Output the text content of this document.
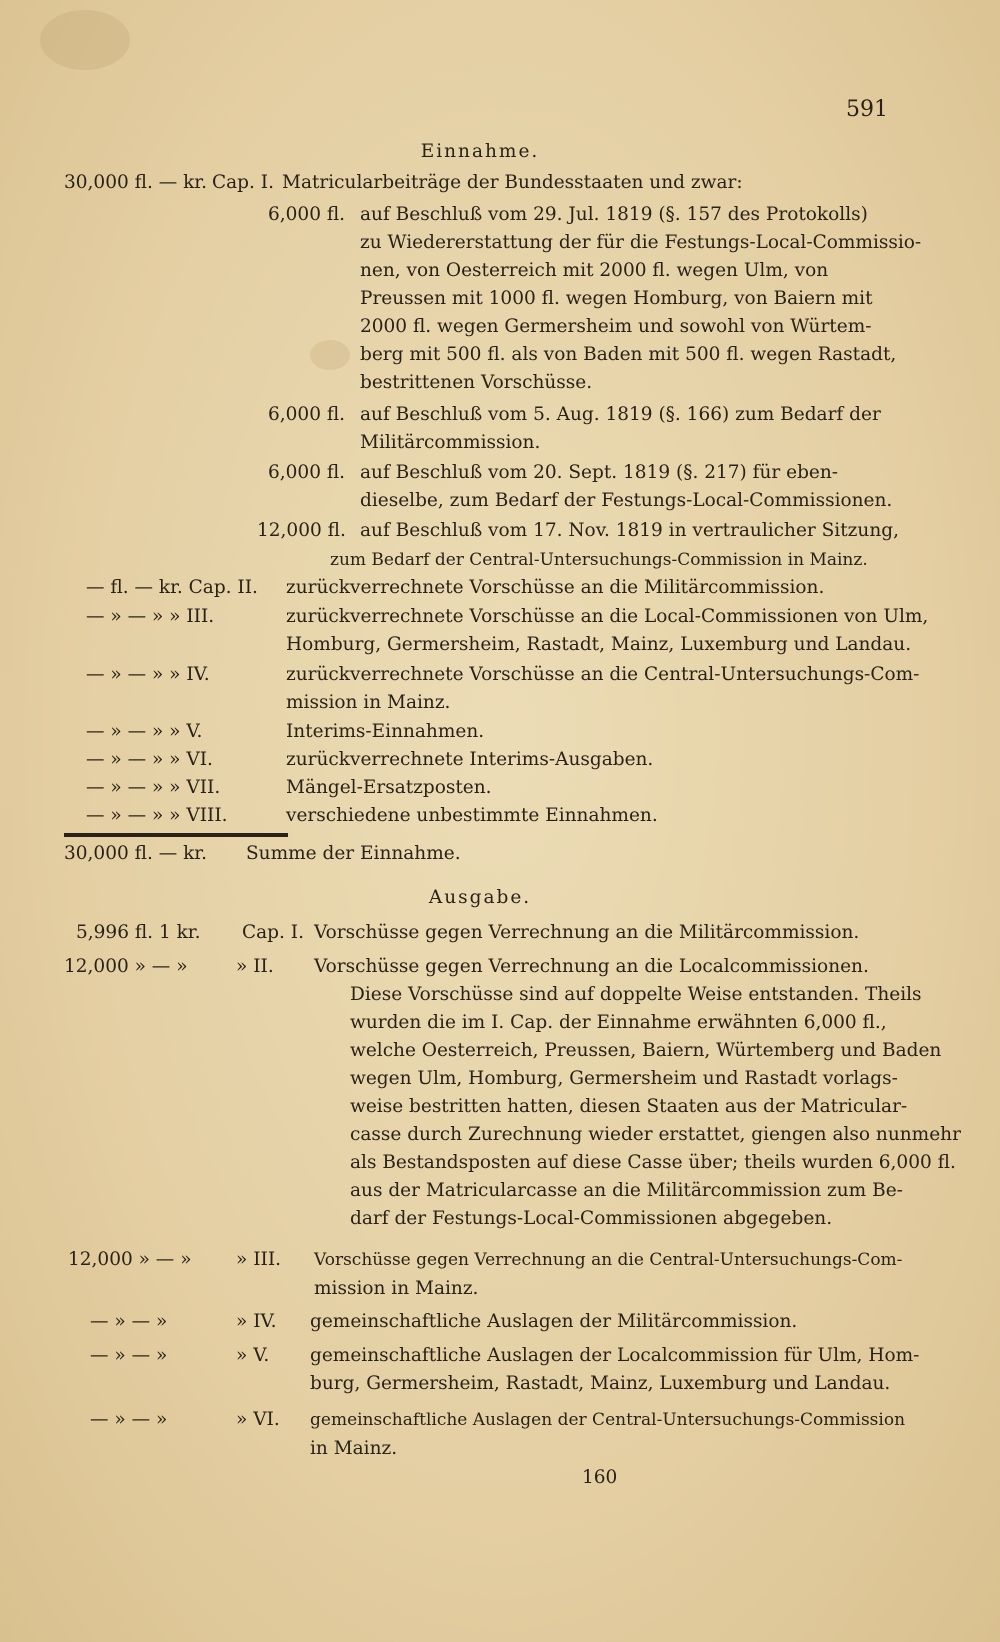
591
Einnahme.
30,000 fl. — kr. Cap. I. Matricularbeiträge der Bundesstaaten und zwar:
6,000 fl. auf Beschluß vom 29. Jul. 1819 (§. 157 des Protokolls)
zu Wiedererstattung der für die Festungs-Local-Commissio-
nen, von Oesterreich mit 2000 fl. wegen Ulm, von
Preussen mit 1000 fl. wegen Homburg, von Baiern mit
2000 fl. wegen Germersheim und sowohl von Würtem-
berg mit 500 fl. als von Baden mit 500 fl. wegen Rastadt,
bestrittenen Vorschüsse.
6,000 fl. auf Beschluß vom 5. Aug. 1819 (§. 166) zum Bedarf der
Militärcommission.
6,000 fl. auf Beschluß vom 20. Sept. 1819 (§. 217) für eben-
dieselbe, zum Bedarf der Festungs-Local-Commissionen.
12,000 fl. auf Beschluß vom 17. Nov. 1819 in vertraulicher Sitzung,
zum Bedarf der Central-Untersuchungs-Commission in Mainz.
— fl. — kr. Cap. II. zurückverrechnete Vorschüsse an die Militärcommission.
— » — » » III.	zurückverrechnete Vorschüsse an die Local-Commissionen von Ulm,
Homburg, Germersheim, Rastadt, Mainz, Luxemburg und Landau.
— » — » » IV.	zurückverrechnete Vorschüsse an die Central-Untersuchungs-Com-
mission in Mainz.
— » — » » V.	Interims-Einnahmen.
— » — » » VI.	zurückverrechnete Interims-Ausgaben.
— » — » » VII.	Mängel-Ersatzposten.
— » — » » VIII.	verschiedene unbestimmte Einnahmen.
30,000 fl. — kr. Summe der Einnahme.
Ausgabe.
5,996 fl. 1 kr. Cap. I. Vorschüsse gegen Verrechnung an die Militärcommission.
12,000 » — »	» II. Vorschüsse gegen Verrechnung an die Localcommissionen.
Diese Vorschüsse sind auf doppelte Weise entstanden. Theils
wurden die im I. Cap. der Einnahme erwähnten 6,000 fl.,
welche Oesterreich, Preussen, Baiern, Würtemberg und Baden
wegen Ulm, Homburg, Germersheim und Rastadt vorlags-
weise bestritten hatten, diesen Staaten aus der Matricular-
casse durch Zurechnung wieder erstattet, giengen also nunmehr
als Bestandsposten auf diese Casse über; theils wurden 6,000 fl.
aus der Matricularcasse an die Militärcommission zum Be-
darf der Festungs-Local-Commissionen abgegeben.
12,000 » — » » III. Vorschüsse gegen Verrechnung an die Central-Untersuchungs-Com-
mission in Mainz.
— » — »	» IV. gemeinschaftliche Auslagen der Militärcommission.
— » — »	» V. gemeinschaftliche Auslagen der Localcommission für Ulm, Hom-
burg, Germersheim, Rastadt, Mainz, Luxemburg und Landau.
— » — »	» VI. gemeinschaftliche Auslagen der Central-Untersuchungs-Commission
in Mainz.
160
